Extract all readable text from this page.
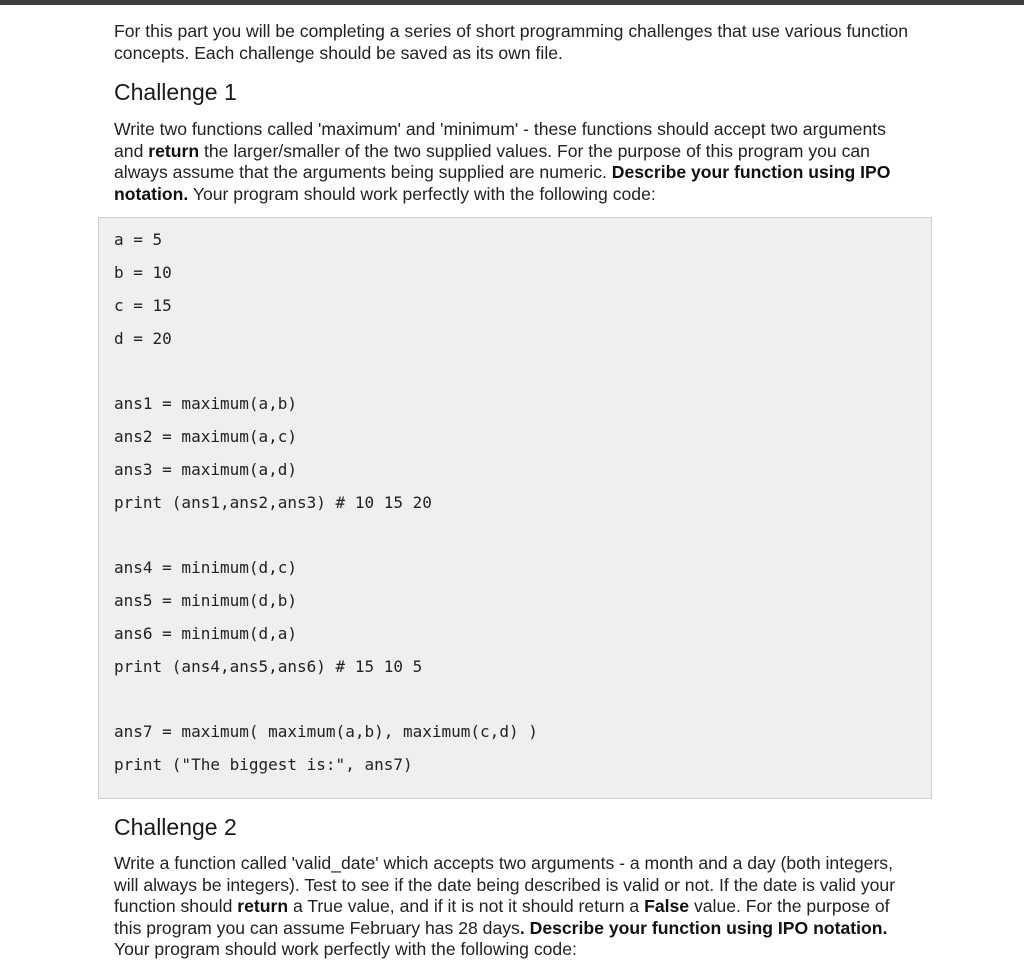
For this part you will be completing a series of short programming challenges that use various function concepts. Each challenge should be saved as its own file.

Challenge 1

Write two functions called 'maximum' and 'minimum' - these functions should accept two arguments and return the larger/smaller of the two supplied values. For the purpose of this program you can always assume that the arguments being supplied are numeric. Describe your function using IPO notation. Your program should work perfectly with the following code:

a = 5
b = 10
c = 15
d = 20
ans1 = maximum(a,b)
ans2 = maximum(a,c)
ans3 = maximum(a,d)
print (ans1,ans2,ans3) # 10 15 20
ans4 = minimum(d,c)
ans5 = minimum(d,b)
ans6 = minimum(d,a)
print (ans4,ans5,ans6) # 15 10 5
ans7 = maximum( maximum(a,b), maximum(c,d) )
print ("The biggest is:", ans7)
Challenge 2

Write a function called 'valid_date' which accepts two arguments - a month and a day (both integers, will always be integers). Test to see if the date being described is valid or not. If the date is valid your function should return a True value, and if it is not it should return a False value. For the purpose of this program you can assume February has 28 days. Describe your function using IPO notation. Your program should work perfectly with the following code:
